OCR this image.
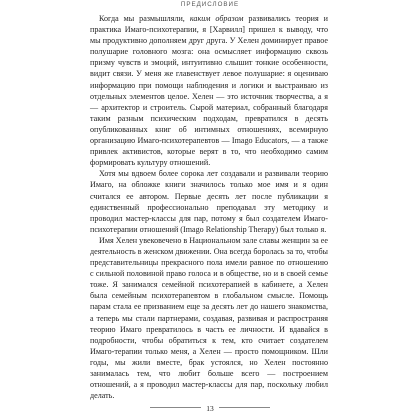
ПРЕДИСЛОВИЕ

Когда мы размышляли, каким образом развивались теория и практика Имаго-психотерапии, я [Харвилл] пришел к выводу, что мы продуктивно дополняем друг друга. У Хелен доминирует правое полушарие головного мозга: она осмысляет информацию сквозь призму чувств и эмоций, интуитивно слышит тонкие особенности, видит связи. У меня же главенствует левое полушарие: я оцениваю информацию при помощи наблюдения и логики и выстраиваю из отдельных элементов целое. Хелен — это источник творчества, а я — архитектор и строитель. Сырой материал, собранный благодаря таким разным психическим подходам, превратился в десять опубликованных книг об интимных отношениях, всемирную организацию Имаго-психотерапевтов — Imago Educators, — а также привлек активистов, которые верят в то, что необходимо самим формировать культуру отношений.

Хотя мы вдвоем более сорока лет создавали и развивали теорию Имаго, на обложке книги значилось только мое имя и я один считался ее автором. Первые десять лет после публикации я единственный профессионально преподавал эту методику и проводил мастер-классы для пар, потому я был создателем Имаго-психотерапии отношений (Imago Relationship Therapy) был только я.

Имя Хелен увековечено в Национальном зале славы женщин за ее деятельность в женском движении. Она всегда боролась за то, чтобы представительницы прекрасного пола имели равное по отношению с сильной половиной право голоса и в обществе, но и в своей семье тоже. Я занимался семейной психотерапией в кабинете, а Хелен была семейным психотерапевтом в глобальном смысле. Помощь парам стала ее призванием еще за десять лет до нашего знакомства, а теперь мы стали партнерами, создавая, развивая и распространяя теорию Имаго превратилось в часть ее личности. И вдавайся в подробности, чтобы обратиться к тем, кто считает создателем Имаго-терапии только меня, а Хелен — просто помощником. Шли годы, мы жили вместе, брак устоялся, но Хелен постоянно занималась тем, что любит больше всего — построением отношений, а я проводил мастер-классы для пар, поскольку любил делать.

13
